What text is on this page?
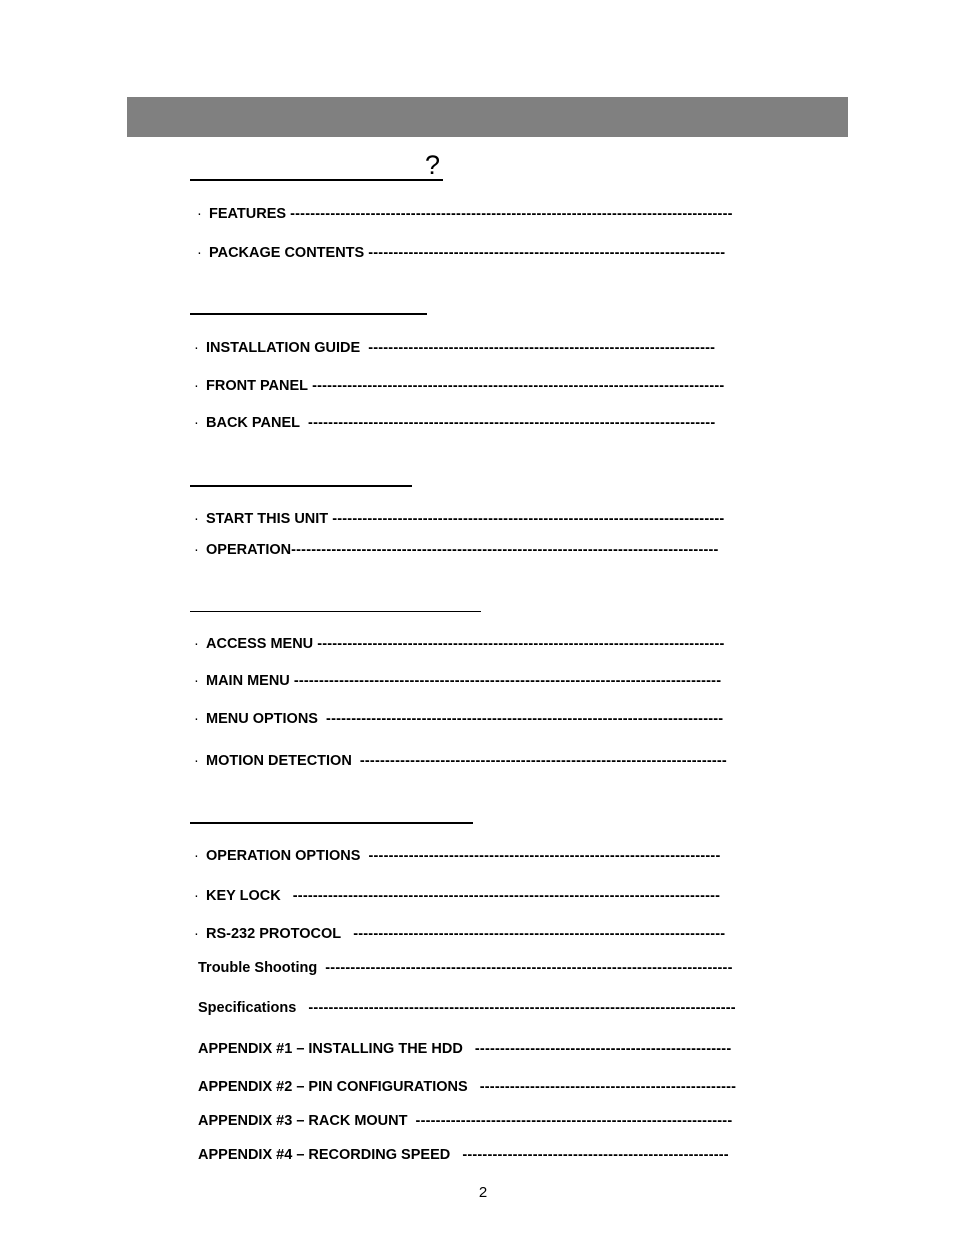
?
· FEATURES ----------------------------------------------------------------------------------------
· PACKAGE CONTENTS -----------------------------------------------------------------------
· INSTALLATION GUIDE ---------------------------------------------------------------------
· FRONT PANEL ----------------------------------------------------------------------------------
· BACK PANEL ---------------------------------------------------------------------------------
· START THIS UNIT ------------------------------------------------------------------------------
· OPERATION-------------------------------------------------------------------------------------
· ACCESS MENU ---------------------------------------------------------------------------------
· MAIN MENU -------------------------------------------------------------------------------------
· MENU OPTIONS -------------------------------------------------------------------------------
· MOTION DETECTION -------------------------------------------------------------------------
· OPERATION OPTIONS ----------------------------------------------------------------------
· KEY LOCK -------------------------------------------------------------------------------------
· RS-232 PROTOCOL --------------------------------------------------------------------------
Trouble Shooting ---------------------------------------------------------------------------------
Specifications -------------------------------------------------------------------------------------
APPENDIX #1 – INSTALLING THE HDD ---------------------------------------------------
APPENDIX #2 – PIN CONFIGURATIONS ---------------------------------------------------
APPENDIX #3 – RACK MOUNT ---------------------------------------------------------------
APPENDIX #4 – RECORDING SPEED -----------------------------------------------------
2
